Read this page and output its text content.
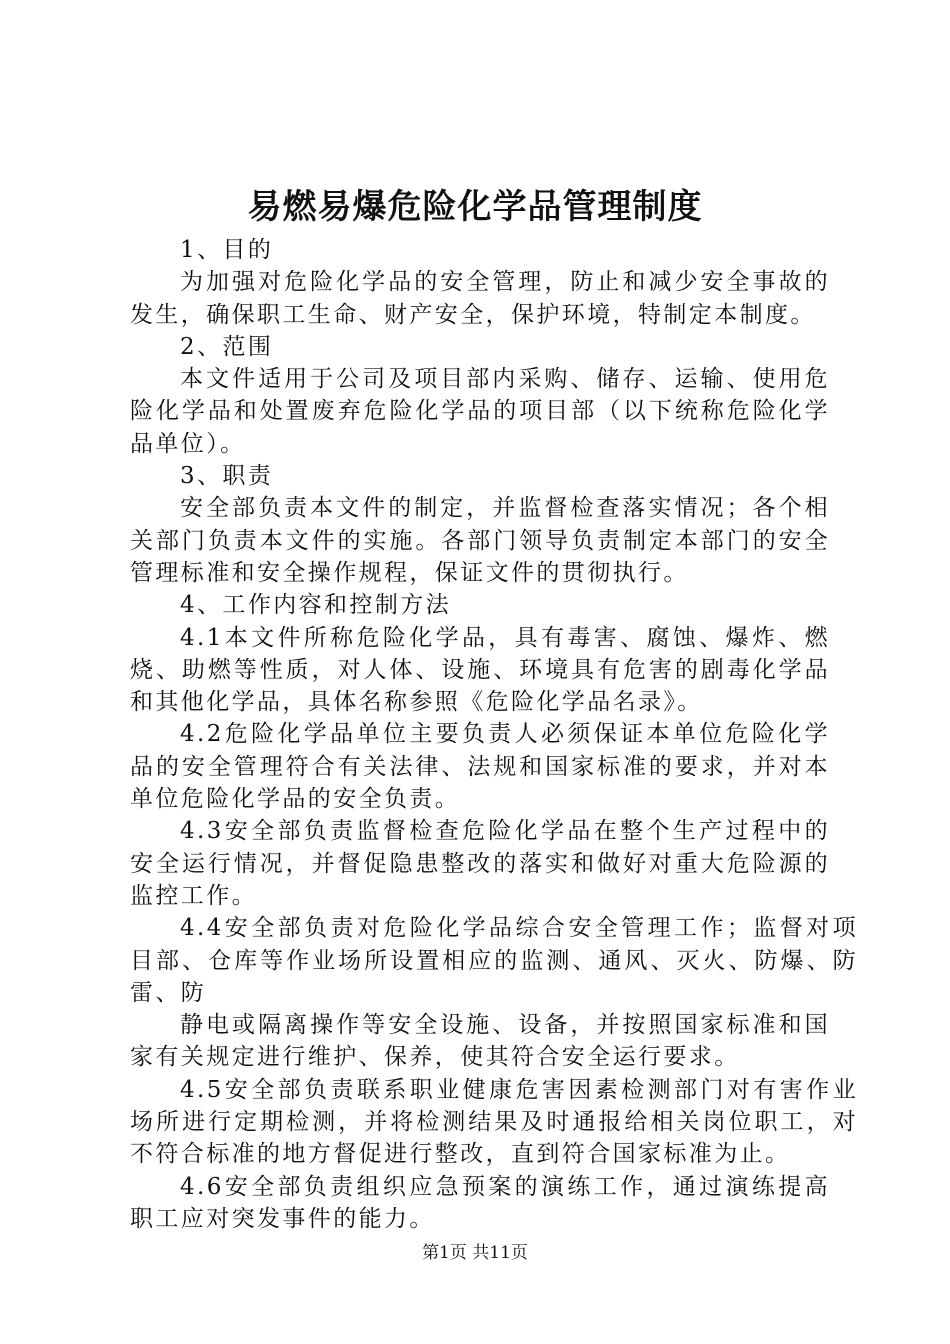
易燃易爆危险化学品管理制度

1、目的

为加强对危险化学品的安全管理，防止和减少安全事故的发生，确保职工生命、财产安全，保护环境，特制定本制度。

2、范围

本文件适用于公司及项目部内采购、储存、运输、使用危险化学品和处置废弃危险化学品的项目部（以下统称危险化学品单位）。

3、职责

安全部负责本文件的制定，并监督检查落实情况；各个相关部门负责本文件的实施。各部门领导负责制定本部门的安全管理标准和安全操作规程，保证文件的贯彻执行。

4、工作内容和控制方法

4.1本文件所称危险化学品，具有毒害、腐蚀、爆炸、燃烧、助燃等性质，对人体、设施、环境具有危害的剧毒化学品和其他化学品，具体名称参照《危险化学品名录》。

4.2危险化学品单位主要负责人必须保证本单位危险化学品的安全管理符合有关法律、法规和国家标准的要求，并对本单位危险化学品的安全负责。

4.3安全部负责监督检查危险化学品在整个生产过程中的安全运行情况，并督促隐患整改的落实和做好对重大危险源的监控工作。

4.4安全部负责对危险化学品综合安全管理工作；监督对项目部、仓库等作业场所设置相应的监测、通风、灭火、防爆、防雷、防

静电或隔离操作等安全设施、设备，并按照国家标准和国家有关规定进行维护、保养，使其符合安全运行要求。

4.5安全部负责联系职业健康危害因素检测部门对有害作业场所进行定期检测，并将检测结果及时通报给相关岗位职工，对不符合标准的地方督促进行整改，直到符合国家标准为止。

4.6安全部负责组织应急预案的演练工作，通过演练提高职工应对突发事件的能力。

第1页 共11页
